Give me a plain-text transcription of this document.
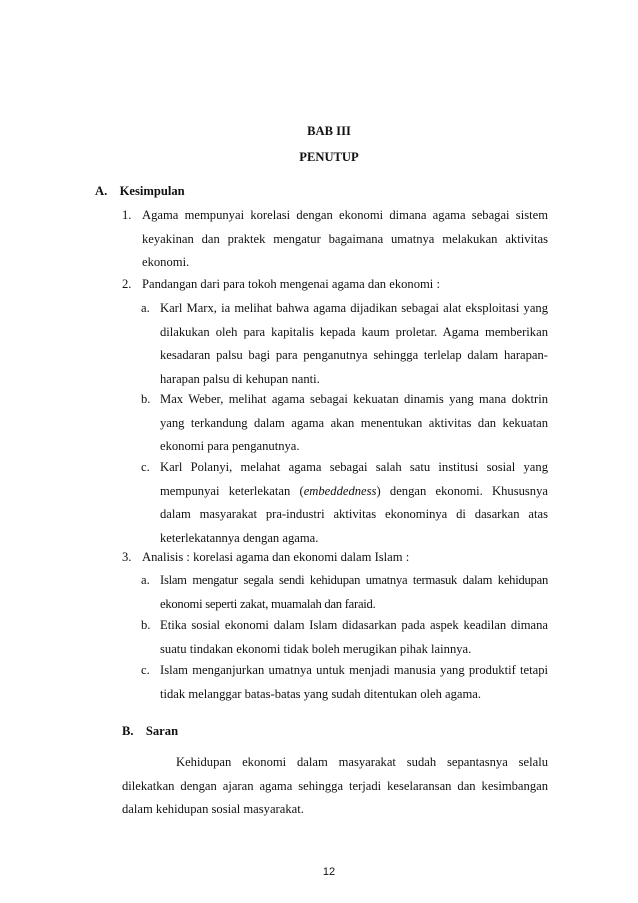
BAB III
PENUTUP
A. Kesimpulan
1. Agama mempunyai korelasi dengan ekonomi dimana agama sebagai sistem
keyakinan dan praktek mengatur bagaimana umatnya melakukan aktivitas
ekonomi.
2. Pandangan dari para tokoh mengenai agama dan ekonomi :
a. Karl Marx, ia melihat bahwa agama dijadikan sebagai alat eksploitasi yang
dilakukan oleh para kapitalis kepada kaum proletar. Agama memberikan
kesadaran palsu bagi para penganutnya sehingga terlelap dalam harapan-
harapan palsu di kehupan nanti.
b. Max Weber, melihat agama sebagai kekuatan dinamis yang mana doktrin
yang terkandung dalam agama akan menentukan aktivitas dan kekuatan
ekonomi para penganutnya.
c. Karl Polanyi, melahat agama sebagai salah satu institusi sosial yang
mempunyai keterlekatan (embeddedness) dengan ekonomi. Khususnya
dalam masyarakat pra-industri aktivitas ekonominya di dasarkan atas
keterlekatannya dengan agama.
3. Analisis : korelasi agama dan ekonomi dalam Islam :
a. Islam mengatur segala sendi kehidupan umatnya termasuk dalam kehidupan
ekonomi seperti zakat, muamalah dan faraid.
b. Etika sosial ekonomi dalam Islam didasarkan pada aspek keadilan dimana
suatu tindakan ekonomi tidak boleh merugikan pihak lainnya.
c. Islam menganjurkan umatnya untuk menjadi manusia yang produktif tetapi
tidak melanggar batas-batas yang sudah ditentukan oleh agama.
B. Saran
Kehidupan ekonomi dalam masyarakat sudah sepantasnya selalu
dilekatkan dengan ajaran agama sehingga terjadi keselaransan dan kesimbangan
dalam kehidupan sosial masyarakat.
12
